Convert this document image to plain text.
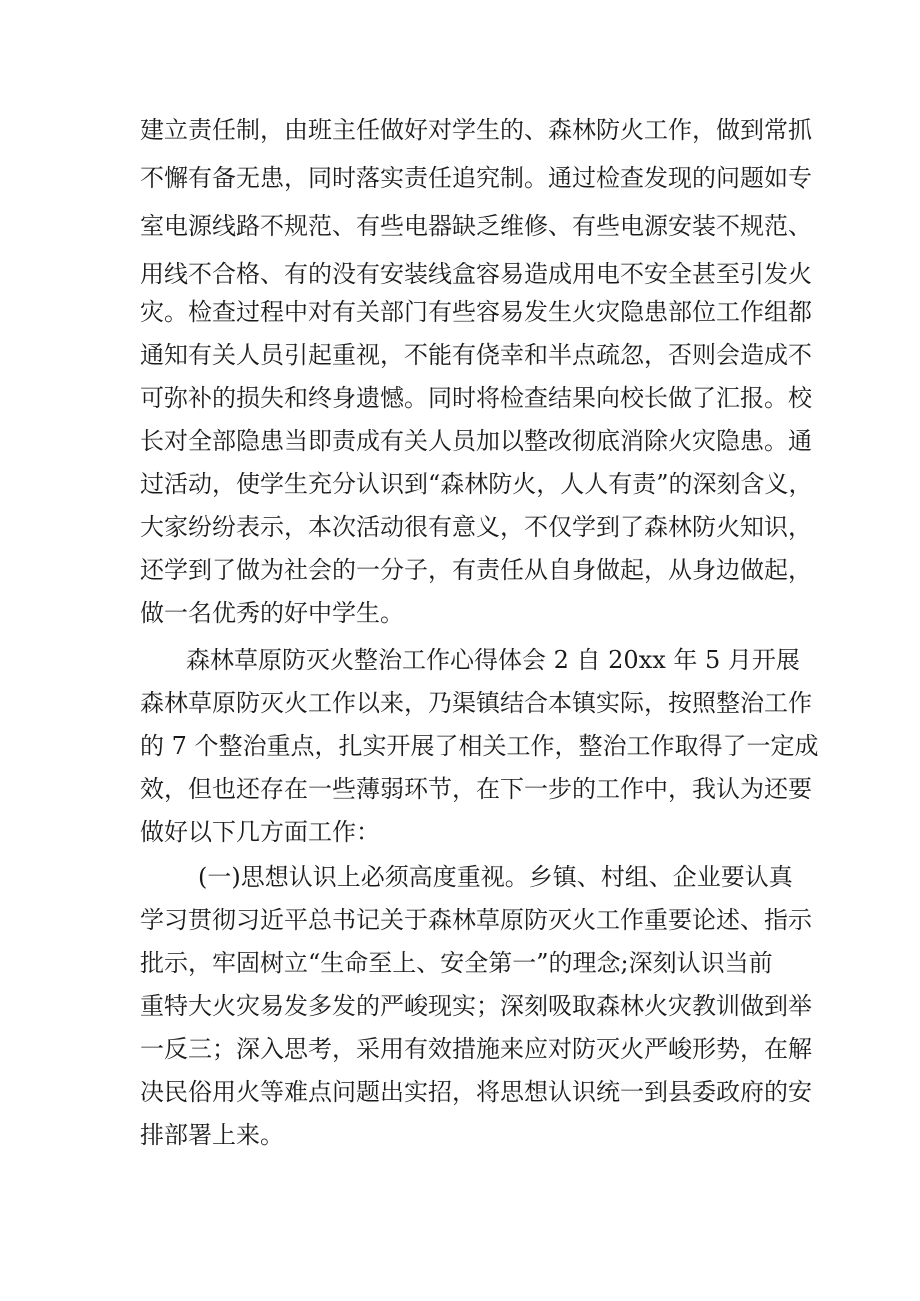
建立责任制，由班主任做好对学生的、森林防火工作，做到常抓

不懈有备无患，同时落实责任追究制。通过检查发现的问题如专

室电源线路不规范、有些电器缺乏维修、有些电源安装不规范、

用线不合格、有的没有安装线盒容易造成用电不安全甚至引发火

灾。检查过程中对有关部门有些容易发生火灾隐患部位工作组都

通知有关人员引起重视，不能有侥幸和半点疏忽，否则会造成不

可弥补的损失和终身遗憾。同时将检查结果向校长做了汇报。校

长对全部隐患当即责成有关人员加以整改彻底消除火灾隐患。通

过活动，使学生充分认识到“森林防火，人人有责”的深刻含义，

大家纷纷表示，本次活动很有意义，不仅学到了森林防火知识，

还学到了做为社会的一分子，有责任从自身做起，从身边做起，

做一名优秀的好中学生。

森林草原防灭火整治工作心得体会 2 自 20xx 年 5 月开展

森林草原防灭火工作以来，乃渠镇结合本镇实际，按照整治工作

的 7 个整治重点，扎实开展了相关工作，整治工作取得了一定成

效，但也还存在一些薄弱环节，在下一步的工作中，我认为还要

做好以下几方面工作：

(一)思想认识上必须高度重视。乡镇、村组、企业要认真

学习贯彻习近平总书记关于森林草原防灭火工作重要论述、指示

批示，牢固树立“生命至上、安全第一”的理念;深刻认识当前

重特大火灾易发多发的严峻现实；深刻吸取森林火灾教训做到举

一反三；深入思考，采用有效措施来应对防灭火严峻形势，在解

决民俗用火等难点问题出实招，将思想认识统一到县委政府的安

排部署上来。
